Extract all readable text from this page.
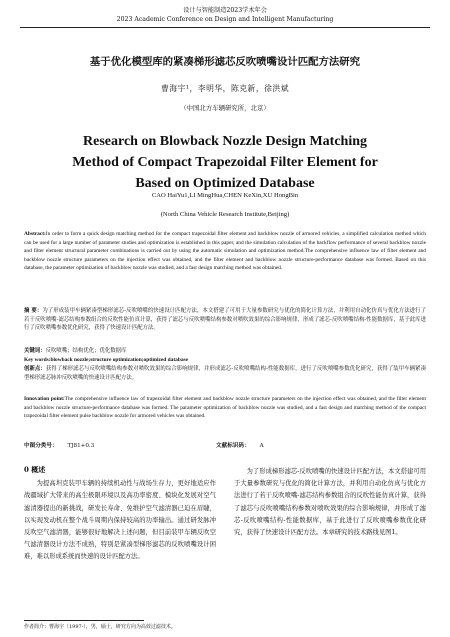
设计与智能制造2023学术年会
2023 Academic Conference on Design and Intelligent Manufacturing
基于优化模型库的紧凑梯形滤芯反吹喷嘴设计匹配方法研究
曹海宇¹，李明华，陈克新，徐洪斌
（中国北方车辆研究所，北京）
Research on Blowback Nozzle Design Matching
Method of Compact Trapezoidal Filter Element for
Based on Optimized Database
CAO HaiYu1,LI MingHua,CHEN KeXin,XU HongBin
(North China Vehicle Research Institute,Beijing)
Abstract:In order to form a quick design matching method for the compact trapezoidal filter element and backblow nozzle of armored vehicles, a simplified calculation method which can be used for a large number of parameter studies and optimization is established in this paper, and the simulation calculation of the backflow performance of several backblow nozzle and filter element structural parameter combinations is carried out by using the automatic simulation and optimization method.The comprehensive influence law of filter element and backblow nozzle structure parameters on the injection effect was obtained, and the filter element and backblow nozzle structure-performance database was formed. Based on this database, the parameter optimization of backblow nozzle was studied, and a fast design matching method was obtained.
摘 要：为了形成装甲车辆紧凑型梯形滤芯-反吹喷嘴的快速设计匹配方法，本文搭建了可用于大量参数研究与优化的简化计算方法，并利用自动化仿真与优化方法进行了若干反吹喷嘴-滤芯结构参数组合的反吹性能仿真计算，获得了滤芯与反吹喷嘴结构参数对喷吹效果的综合影响规律，形成了滤芯-反吹喷嘴结构-性能数据库，基于此库进行了反吹喷嘴参数优化研究，获得了快速设计匹配方法。
关键词：反吹喷嘴；结构优化；优化数据库
Key words:blowback nozzle;structure optimization;optimized database
创新点：获得了梯形滤芯与反吹喷嘴结构参数对喷吹效果的综合影响规律，并形成滤芯-反吹喷嘴结构-性能数据库，进行了反吹喷嘴参数优化研究，获得了装甲车辆紧凑型梯形滤芯脉冲反吹喷嘴的快速设计匹配方法。
Innovation point:The comprehensive influence law of trapezoidal filter element and backblow nozzle structure parameters on the injection effect was obtained, and the filter element and backblow nozzle structure-performance database was formed. The parameter optimization of backblow nozzle was studied, and a fast design and matching method of the compact trapezoidal filter element pulse backblow nozzle for armored vehicles was obtained.
中图分类号： TJ81+0.3	文献标识码： A
0 概述

为提高坦克装甲车辆的持续机动性与战场生存力，更好地适应作战疆域扩大带来的高尘极限环境以及高功率密度、模块化发展对空气滤清器提出的新挑战，研发长寿命、免维护空气滤清器已迫在眉睫，以实现发动机在整个战斗周期内保持较高的功率输出。通过研发脉冲反吹空气滤清器，能够很好地解决上述问题，但目前装甲车辆反吹空气滤清器设计方法不成熟，特别是紧凑型梯形滤芯的反吹喷嘴设计困难，难以形成系统而快速的设计匹配方法。

为了形成梯形滤芯-反吹喷嘴的快速设计匹配方法，本文搭建可用于大量参数研究与优化的简化计算方法，并利用自动化仿真与优化方法进行了若干反吹喷嘴-滤芯结构参数组合的反吹性能仿真计算，获得了滤芯与反吹喷嘴结构参数对喷吹效果的综合影响规律，并形成了滤芯-反吹喷嘴结构-性能数据库，基于此进行了反吹喷嘴参数优化研究，获得了快速设计匹配方法。本章研究的技术路线见图1。

作者简介：曹海宇（1997-），男，硕士，研究方向为高效过滤技术。
